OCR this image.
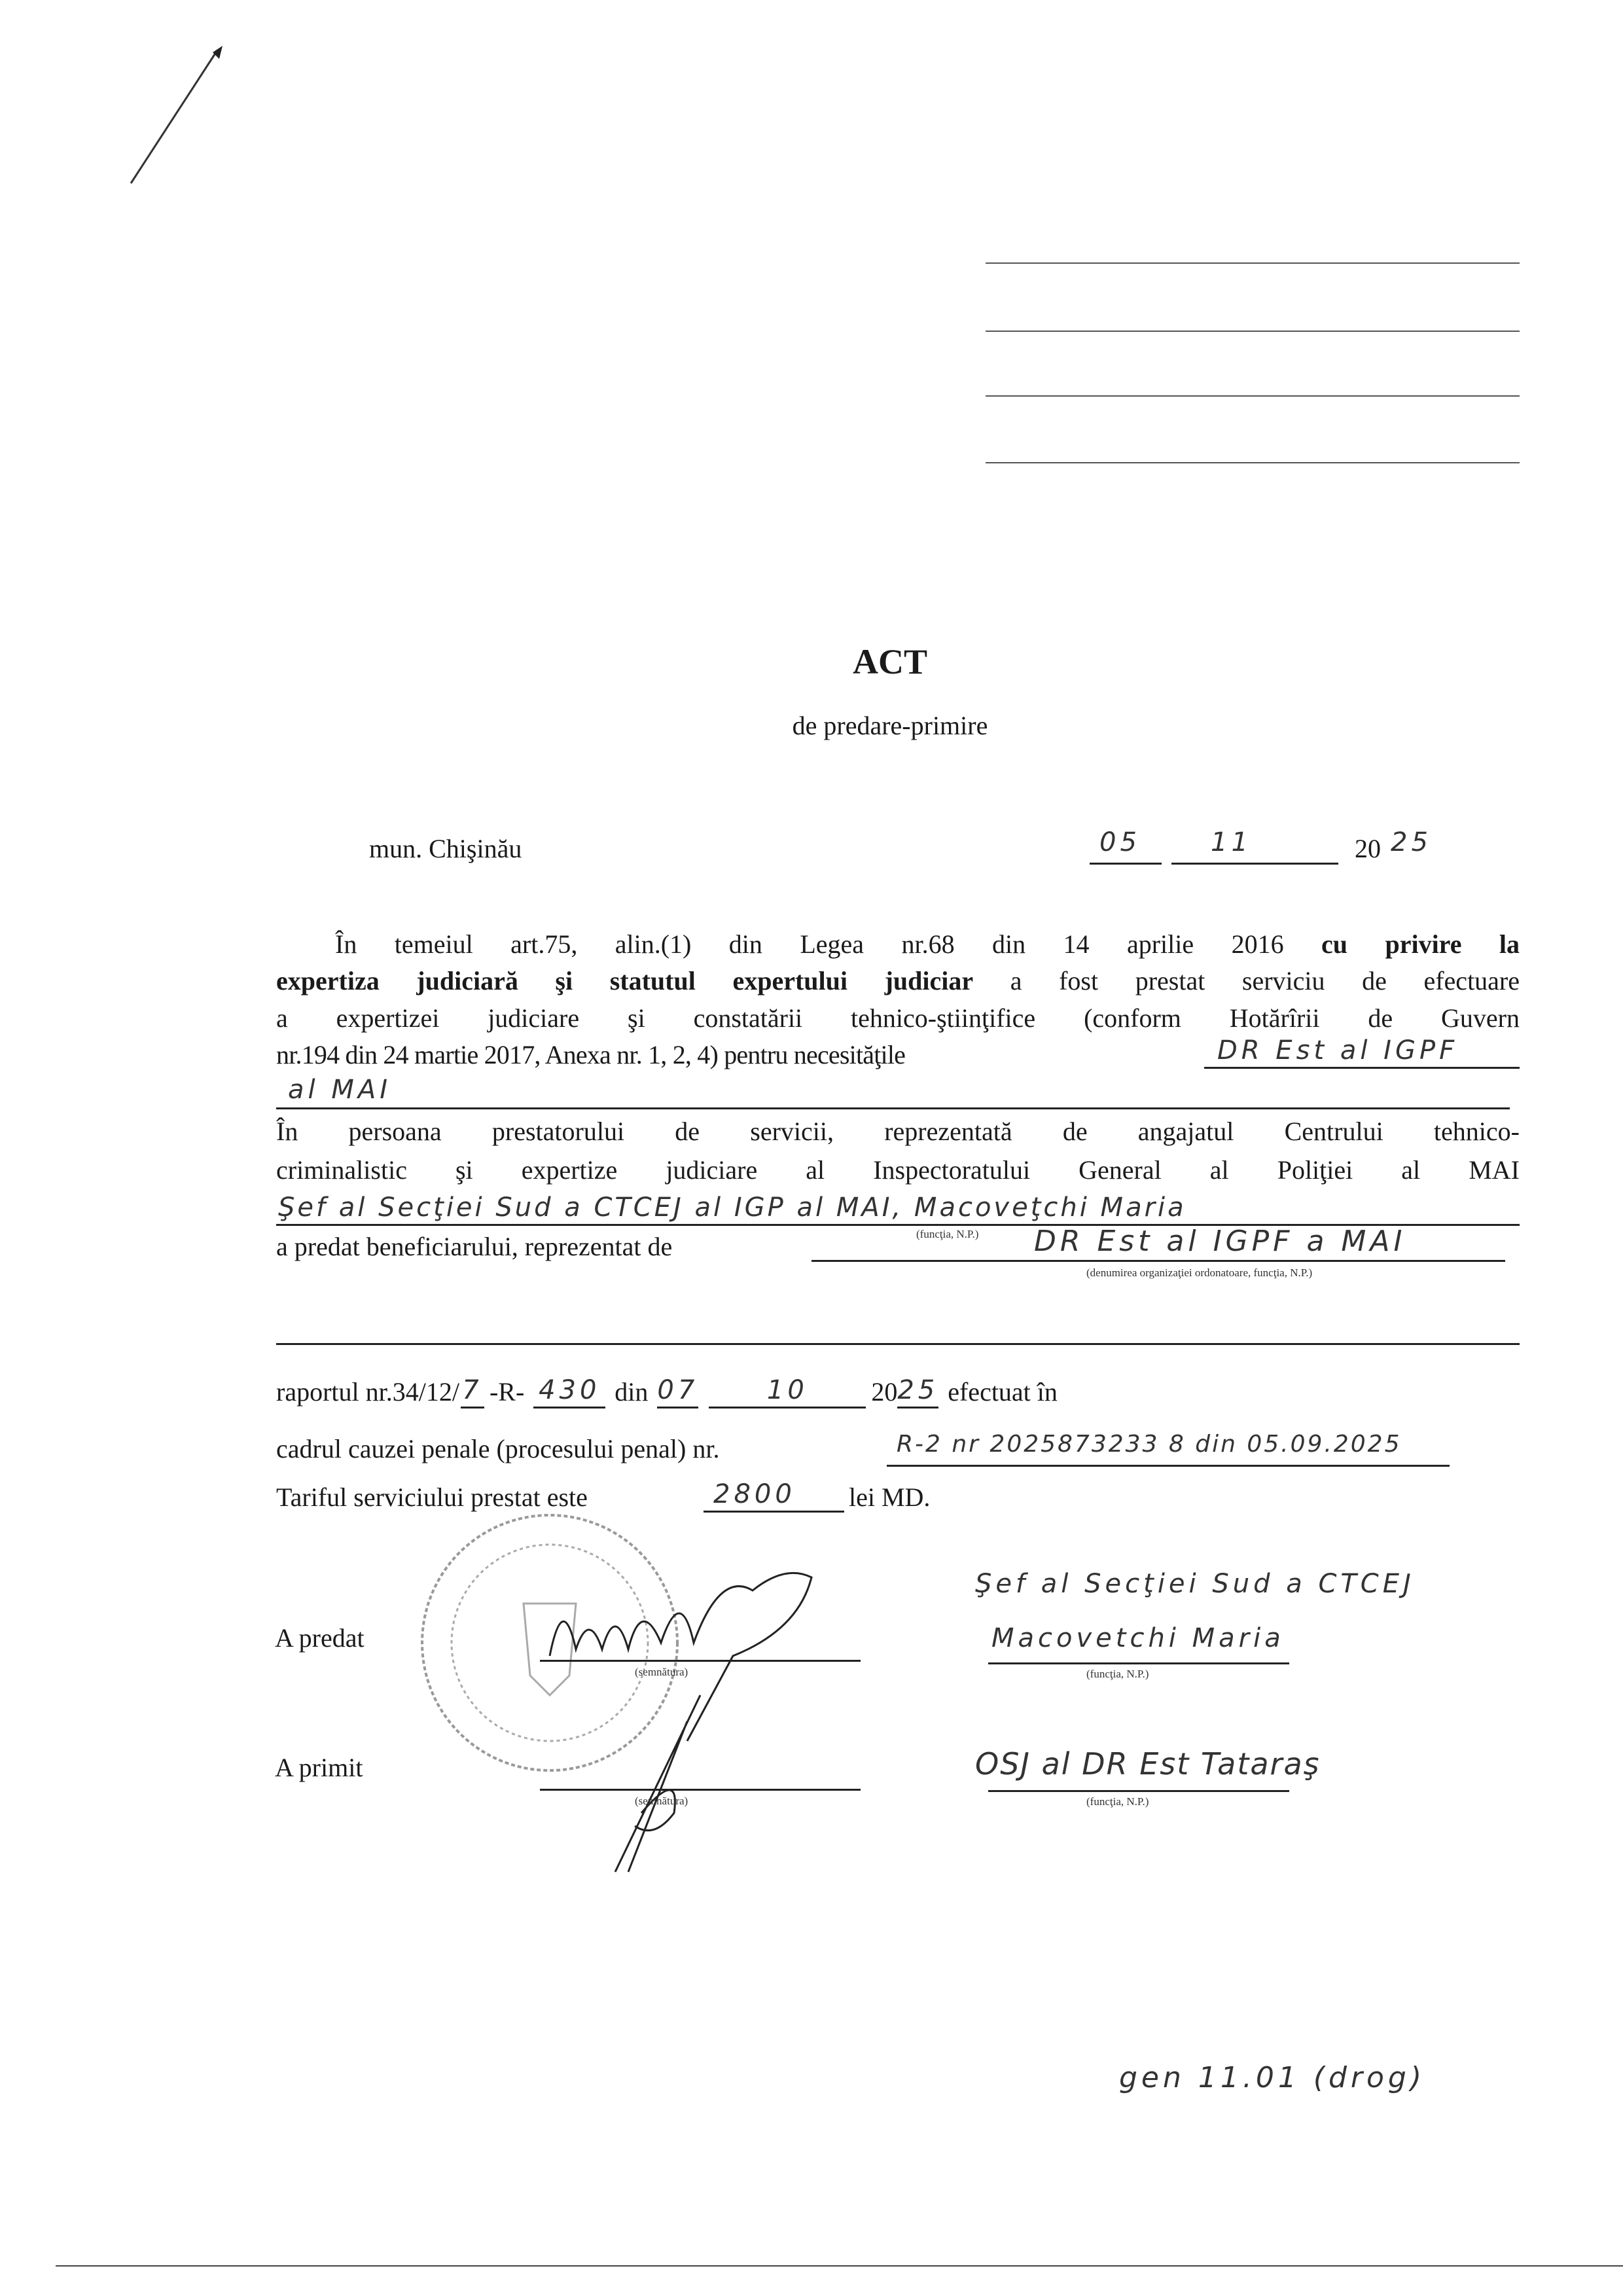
ACT
de predare-primire
mun. Chişinău	05	11	20 25
În temeiul art.75, alin.(1) din Legea nr.68 din 14 aprilie 2016 cu privire la
expertiza judiciară şi statutul expertului judiciar a fost prestat serviciu de efectuare
a expertizei judiciare şi constatării tehnico-ştiinţifice (conform Hotărîrii de Guvern
nr.194 din 24 martie 2017, Anexa nr. 1, 2, 4) pentru necesităţile	DR Est al IGPF
al MAI
În persoana prestatorului de servicii, reprezentată de angajatul Centrului tehnico-
criminalistic şi expertize judiciare al Inspectoratului General al Poliţiei al MAI
Şef al Secţiei Sud a CTCEJ al IGP al MAI, Macoveţchi Maria
(funcţia, N.P.)
a predat beneficiarului, reprezentat de	DR Est al IGPF a MAI
(denumirea organizaţiei ordonatoare, funcţia, N.P.)
raportul nr.34/12/ 7 -R- 430 din 07	10	20 25 efectuat în
cadrul cauzei penale (procesului penal) nr.	R-2 nr 2025873233 8 din 05.09.2025
Tariful serviciului prestat este	2800 lei MD.
Şef al Secţiei Sud a CTCEJ
A predat
(semnătura)
Macovetchi Maria
(funcţia, N.P.)
A primit
(semnătura)
OSJ al DR Est Tataraş
(funcţia, N.P.)
gen 11.01 (drog)
